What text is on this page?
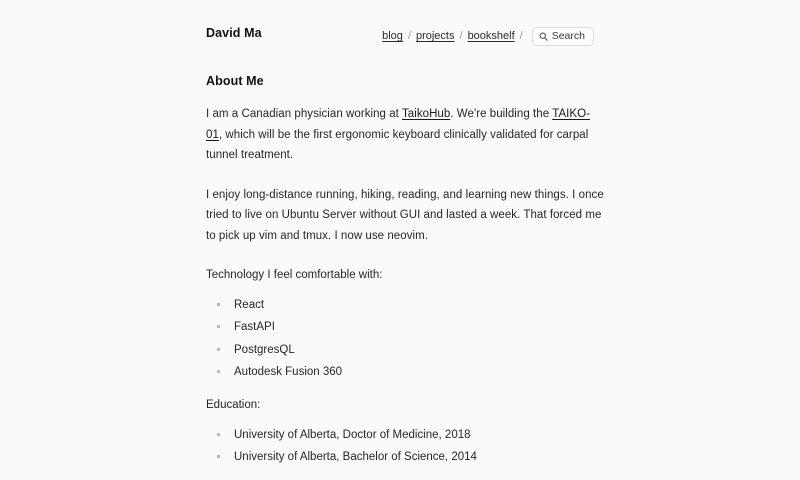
David Ma	blog / projects / bookshelf /	Search
About Me

I am a Canadian physician working at TaikoHub. We're building the TAIKO-01, which will be the first ergonomic keyboard clinically validated for carpal tunnel treatment.

I enjoy long-distance running, hiking, reading, and learning new things. I once tried to live on Ubuntu Server without GUI and lasted a week. That forced me to pick up vim and tmux. I now use neovim.

Technology I feel comfortable with:

React
FastAPI
PostgresQL
Autodesk Fusion 360

Education:

University of Alberta, Doctor of Medicine, 2018
University of Alberta, Bachelor of Science, 2014
